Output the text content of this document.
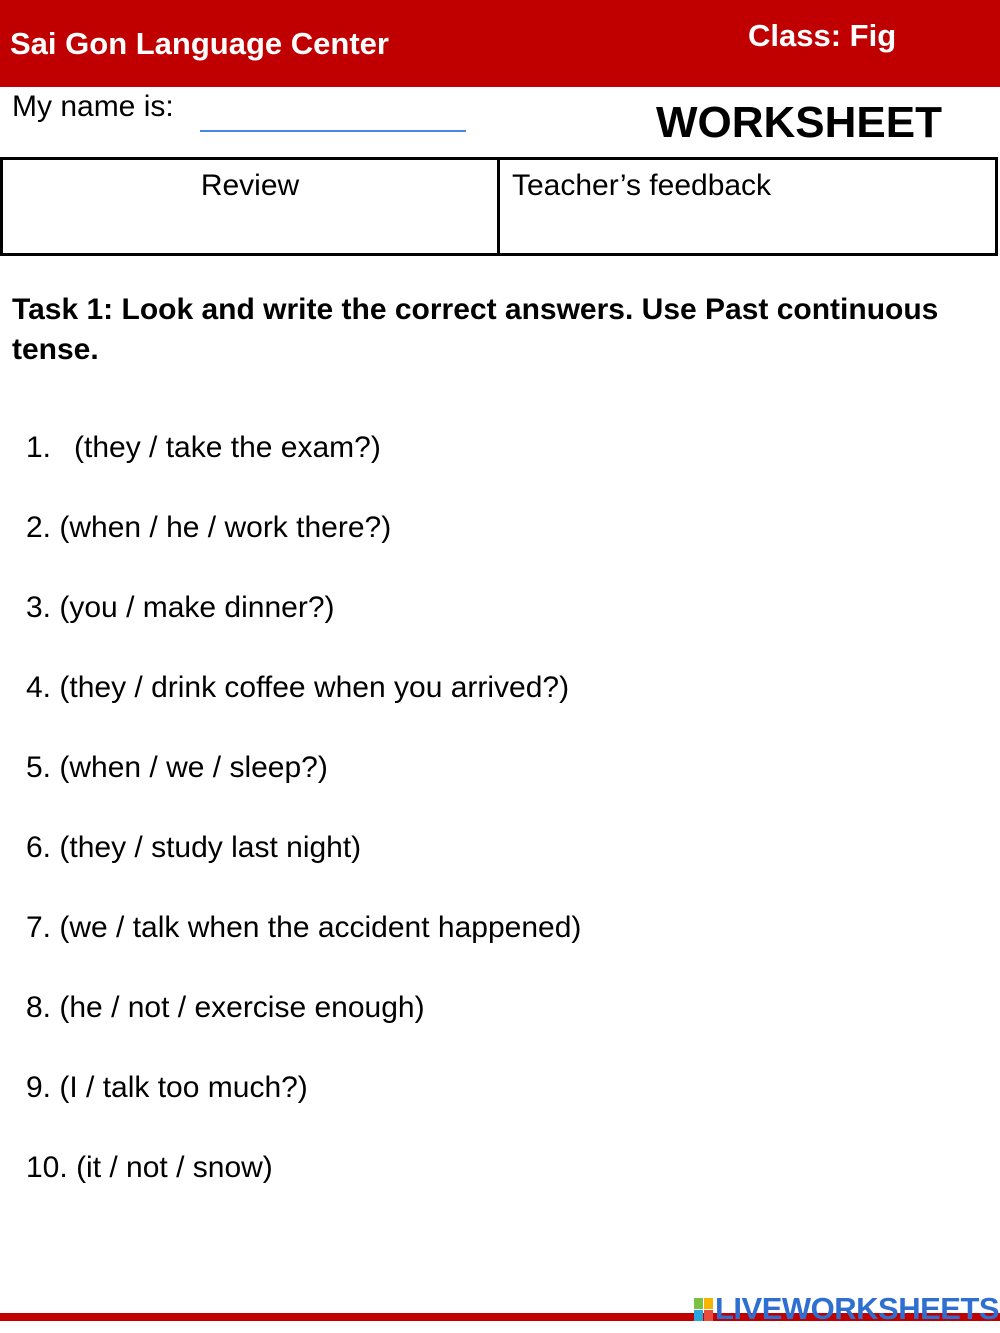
Sai Gon Language Center	Class: Fig
My name is:	WORKSHEET
Review	Teacher’s feedback
Task 1: Look and write the correct answers. Use Past continuous tense.
1. (they / take the exam?)
2. (when / he / work there?)
3. (you / make dinner?)
4. (they / drink coffee when you arrived?)
5. (when / we / sleep?)
6. (they / study last night)
7. (we / talk when the accident happened)
8. (he / not / exercise enough)
9. (I / talk too much?)
10. (it / not / snow)
LIVEWORKSHEETS
